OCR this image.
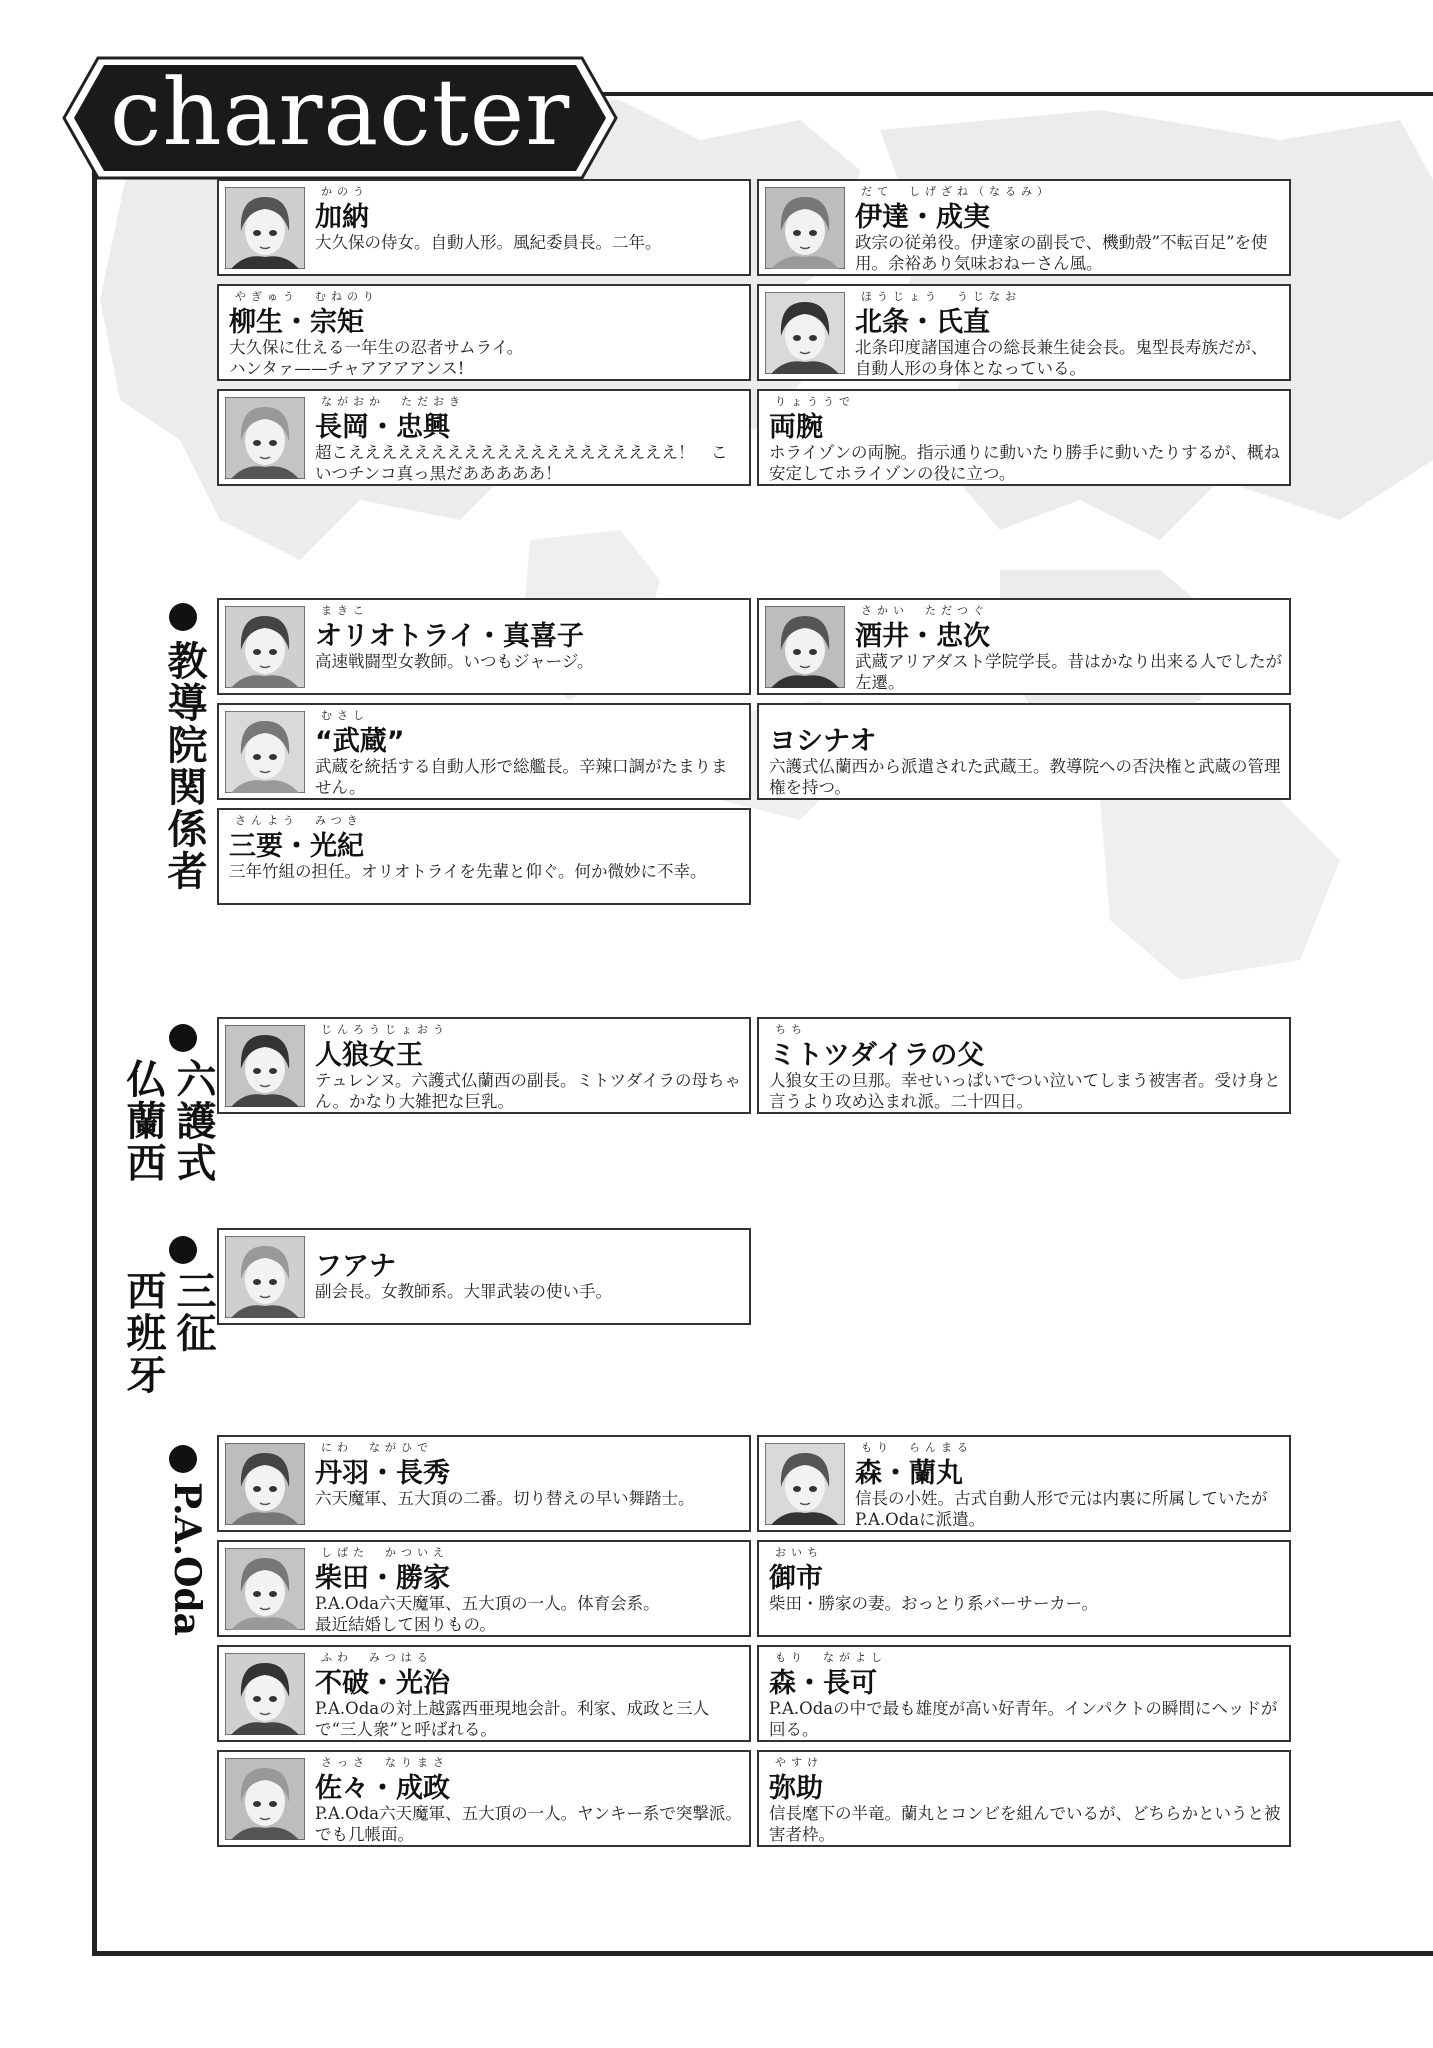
character
教導院関係者
六護式
仏蘭西
三征
西班牙
P.A.Oda
かのう
加納
大久保の侍女。自動人形。風紀委員長。二年。
だて　しげざね（なるみ）
伊達・成実
政宗の従弟役。伊達家の副長で、機動殻”不転百足”を使用。余裕あり気味おねーさん風。
やぎゅう　むねのり
柳生・宗矩
大久保に仕える一年生の忍者サムライ。
ハンタァ——チャアアアアンス!
ほうじょう　うじなお
北条・氏直
北条印度諸国連合の総長兼生徒会長。鬼型長寿族だが、自動人形の身体となっている。
ながおか　ただおき
長岡・忠興
超こええええええええええええええええええええ！　こいつチンコ真っ黒だあああああ！
りょううで
両腕
ホライゾンの両腕。指示通りに動いたり勝手に動いたりするが、概ね安定してホライゾンの役に立つ。
まきこ
オリオトライ・真喜子
高速戦闘型女教師。いつもジャージ。
さかい　ただつぐ
酒井・忠次
武蔵アリアダスト学院学長。昔はかなり出来る人でしたが左遷。
むさし
“武蔵”
武蔵を統括する自動人形で総艦長。辛辣口調がたまりません。
ヨシナオ
六護式仏蘭西から派遣された武蔵王。教導院への否決権と武蔵の管理権を持つ。
さんよう　みつき
三要・光紀
三年竹組の担任。オリオトライを先輩と仰ぐ。何か微妙に不幸。
じんろうじょおう
人狼女王
テュレンヌ。六護式仏蘭西の副長。ミトツダイラの母ちゃん。かなり大雑把な巨乳。
ちち
ミトツダイラの父
人狼女王の旦那。幸せいっぱいでつい泣いてしまう被害者。受け身と言うより攻め込まれ派。二十四日。
フアナ
副会長。女教師系。大罪武装の使い手。
にわ　ながひで
丹羽・長秀
六天魔軍、五大頂の二番。切り替えの早い舞踏士。
もり　らんまる
森・蘭丸
信長の小姓。古式自動人形で元は内裏に所属していたがP.A.Odaに派遣。
しばた　かついえ
柴田・勝家
P.A.Oda六天魔軍、五大頂の一人。体育会系。
最近結婚して困りもの。
おいち
御市
柴田・勝家の妻。おっとり系バーサーカー。
ふわ　みつはる
不破・光治
P.A.Odaの対上越露西亜現地会計。利家、成政と三人で“三人衆”と呼ばれる。
もり　ながよし
森・長可
P.A.Odaの中で最も雄度が高い好青年。インパクトの瞬間にヘッドが回る。
さっさ　なりまさ
佐々・成政
P.A.Oda六天魔軍、五大頂の一人。ヤンキー系で突撃派。でも几帳面。
やすけ
弥助
信長麾下の半竜。蘭丸とコンビを組んでいるが、どちらかというと被害者枠。
